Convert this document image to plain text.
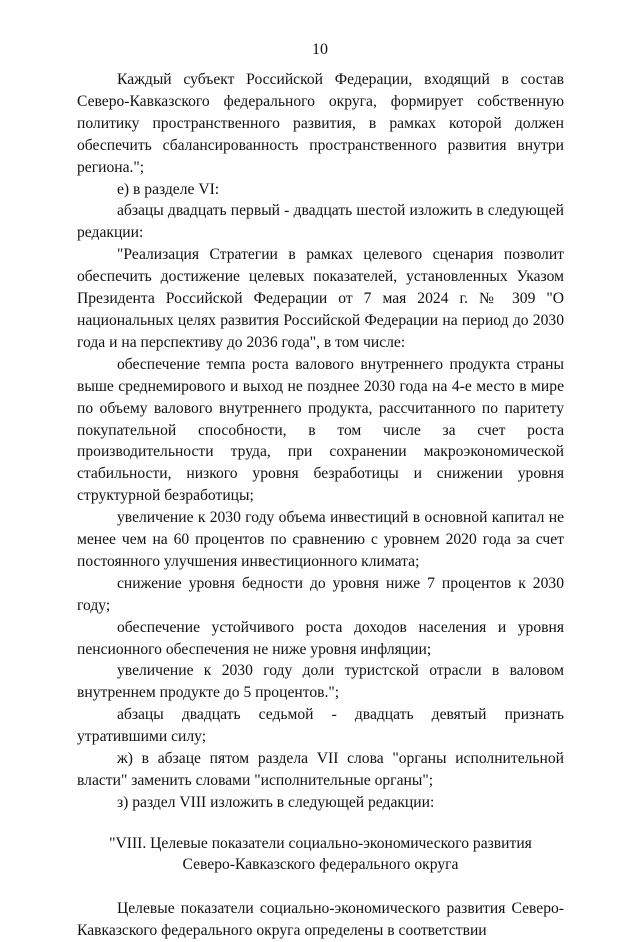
10

Каждый субъект Российской Федерации, входящий в состав Северо-Кавказского федерального округа, формирует собственную политику пространственного развития, в рамках которой должен обеспечить сбалансированность пространственного развития внутри региона.";

е) в разделе VI:

абзацы двадцать первый - двадцать шестой изложить в следующей редакции:

"Реализация Стратегии в рамках целевого сценария позволит обеспечить достижение целевых показателей, установленных Указом Президента Российской Федерации от 7 мая 2024 г. № 309 "О национальных целях развития Российской Федерации на период до 2030 года и на перспективу до 2036 года", в том числе:

обеспечение темпа роста валового внутреннего продукта страны выше среднемирового и выход не позднее 2030 года на 4-е место в мире по объему валового внутреннего продукта, рассчитанного по паритету покупательной способности, в том числе за счет роста производительности труда, при сохранении макроэкономической стабильности, низкого уровня безработицы и снижении уровня структурной безработицы;

увеличение к 2030 году объема инвестиций в основной капитал не менее чем на 60 процентов по сравнению с уровнем 2020 года за счет постоянного улучшения инвестиционного климата;

снижение уровня бедности до уровня ниже 7 процентов к 2030 году;

обеспечение устойчивого роста доходов населения и уровня пенсионного обеспечения не ниже уровня инфляции;

увеличение к 2030 году доли туристской отрасли в валовом внутреннем продукте до 5 процентов.";

абзацы двадцать седьмой - двадцать девятый признать утратившими силу;

ж) в абзаце пятом раздела VII слова "органы исполнительной власти" заменить словами "исполнительные органы";

з) раздел VIII изложить в следующей редакции:

"VIII. Целевые показатели социально-экономического развития

Северо-Кавказского федерального округа

Целевые показатели социально-экономического развития Северо-Кавказского федерального округа определены в соответствии
